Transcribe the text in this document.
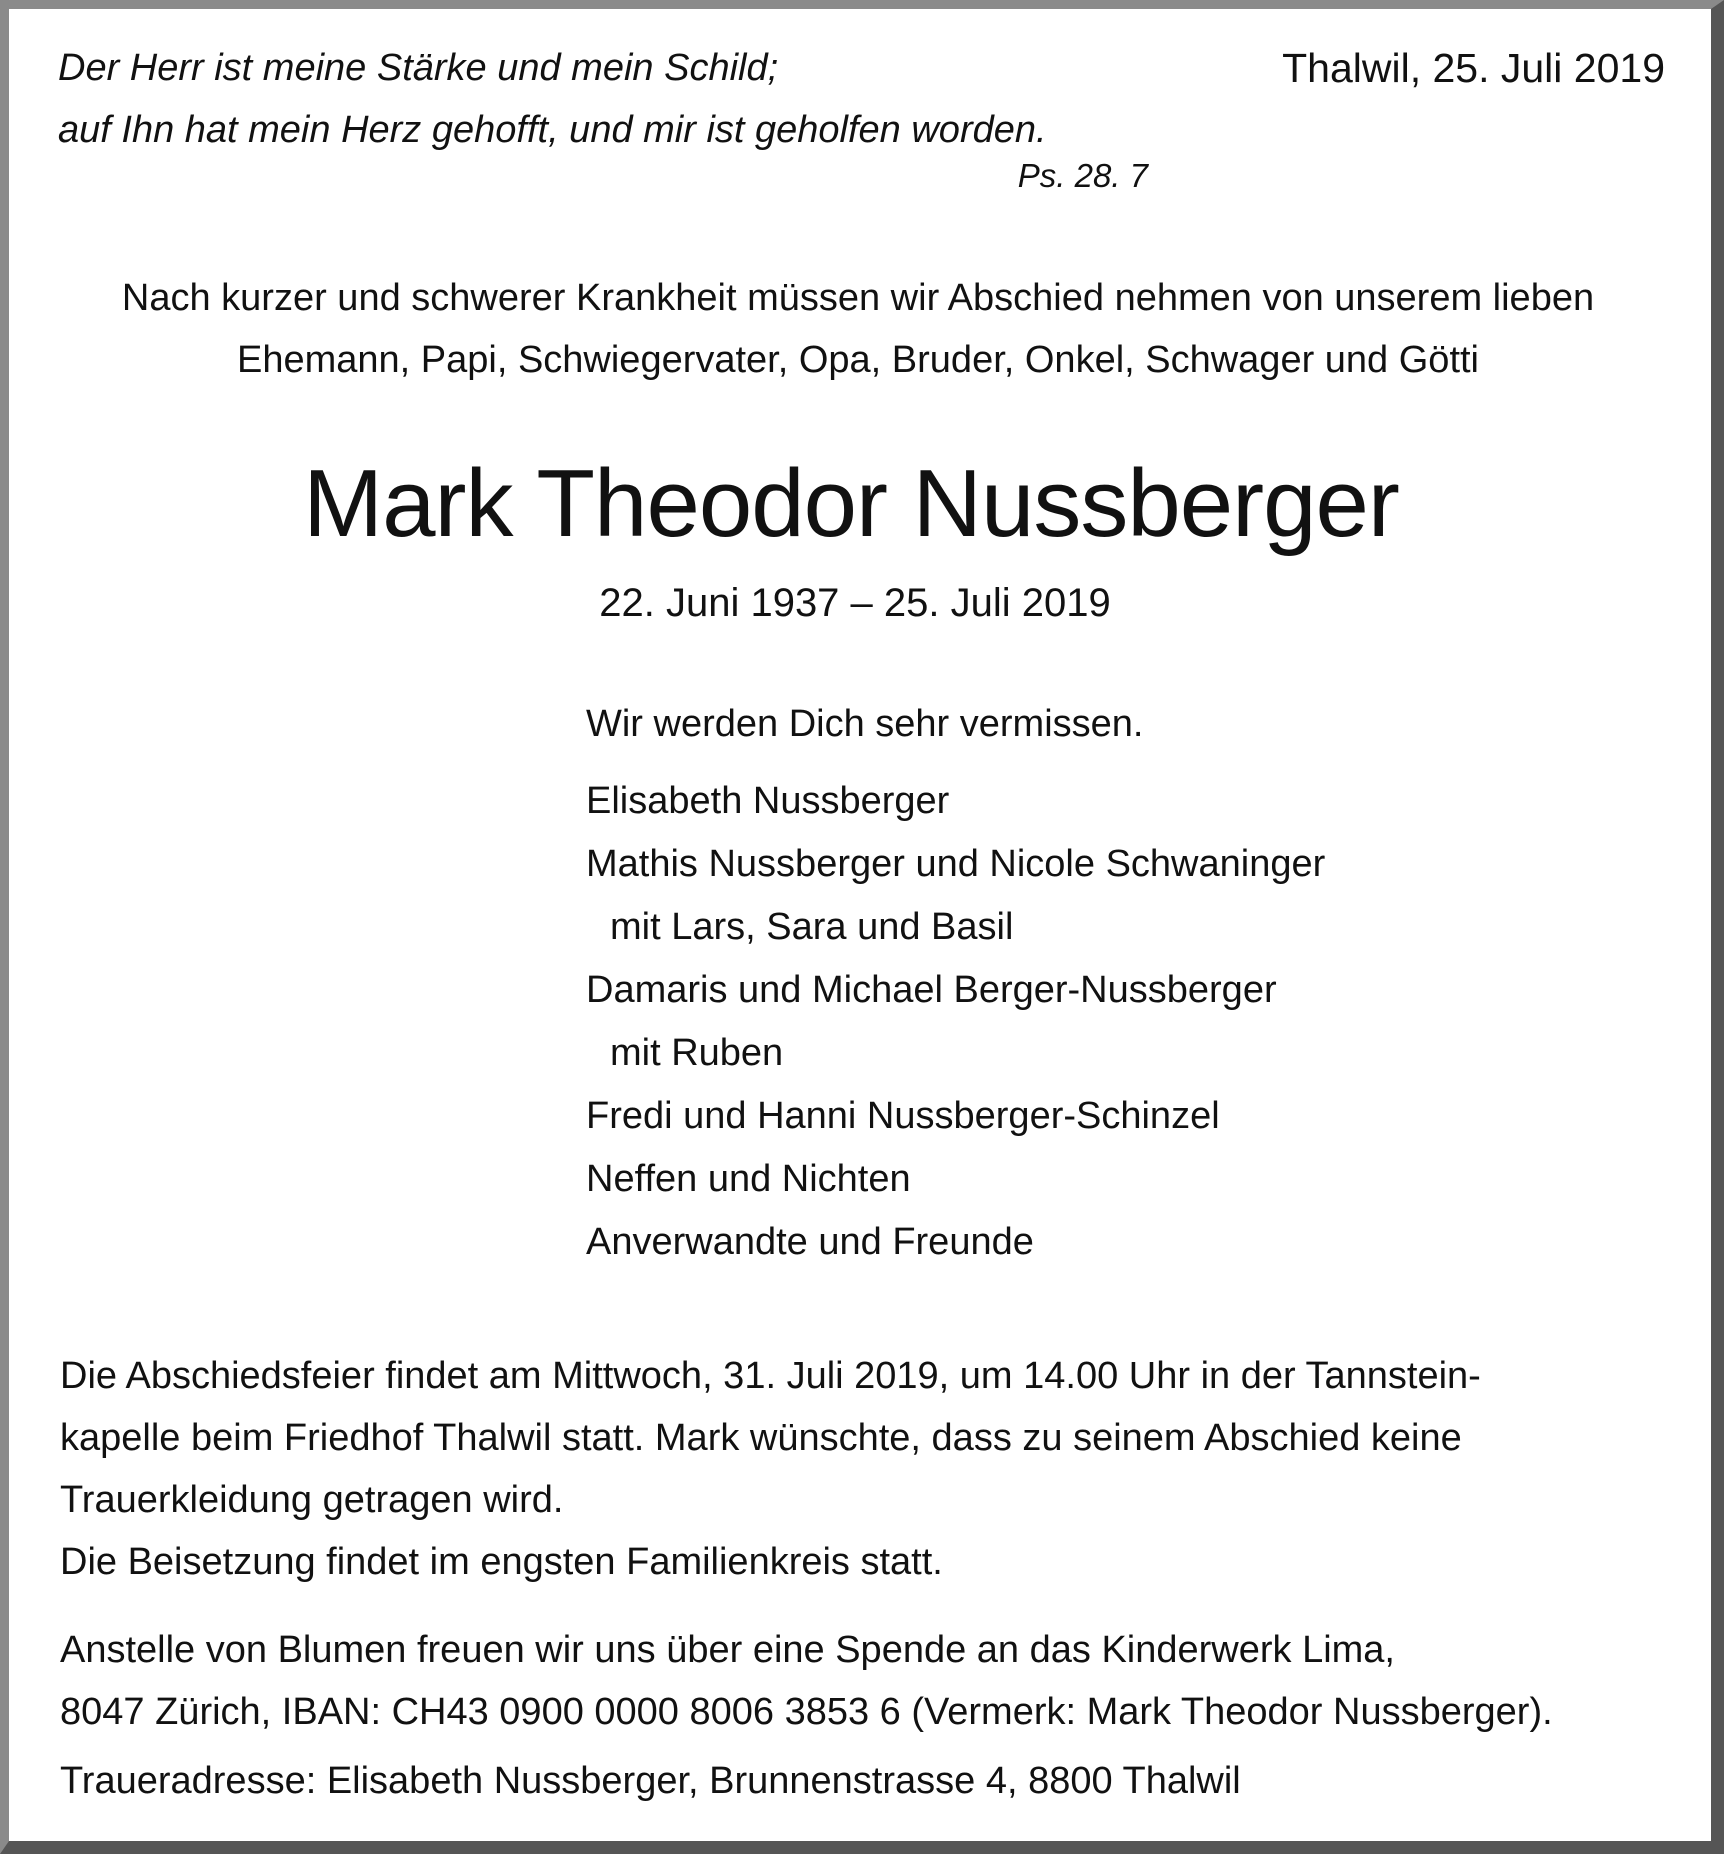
Der Herr ist meine Stärke und mein Schild;
auf Ihn hat mein Herz gehofft, und mir ist geholfen worden.
Ps. 28. 7
Thalwil, 25. Juli 2019
Nach kurzer und schwerer Krankheit müssen wir Abschied nehmen von unserem lieben
Ehemann, Papi, Schwiegervater, Opa, Bruder, Onkel, Schwager und Götti
Mark Theodor Nussberger
22. Juni 1937 – 25. Juli 2019
Wir werden Dich sehr vermissen.
Elisabeth Nussberger
Mathis Nussberger und Nicole Schwaninger
mit Lars, Sara und Basil
Damaris und Michael Berger-Nussberger
mit Ruben
Fredi und Hanni Nussberger-Schinzel
Neffen und Nichten
Anverwandte und Freunde
Die Abschiedsfeier findet am Mittwoch, 31. Juli 2019, um 14.00 Uhr in der Tannstein-
kapelle beim Friedhof Thalwil statt. Mark wünschte, dass zu seinem Abschied keine
Trauerkleidung getragen wird.
Die Beisetzung findet im engsten Familienkreis statt.
Anstelle von Blumen freuen wir uns über eine Spende an das Kinderwerk Lima,
8047 Zürich, IBAN: CH43 0900 0000 8006 3853 6 (Vermerk: Mark Theodor Nussberger).
Traueradresse: Elisabeth Nussberger, Brunnenstrasse 4, 8800 Thalwil
